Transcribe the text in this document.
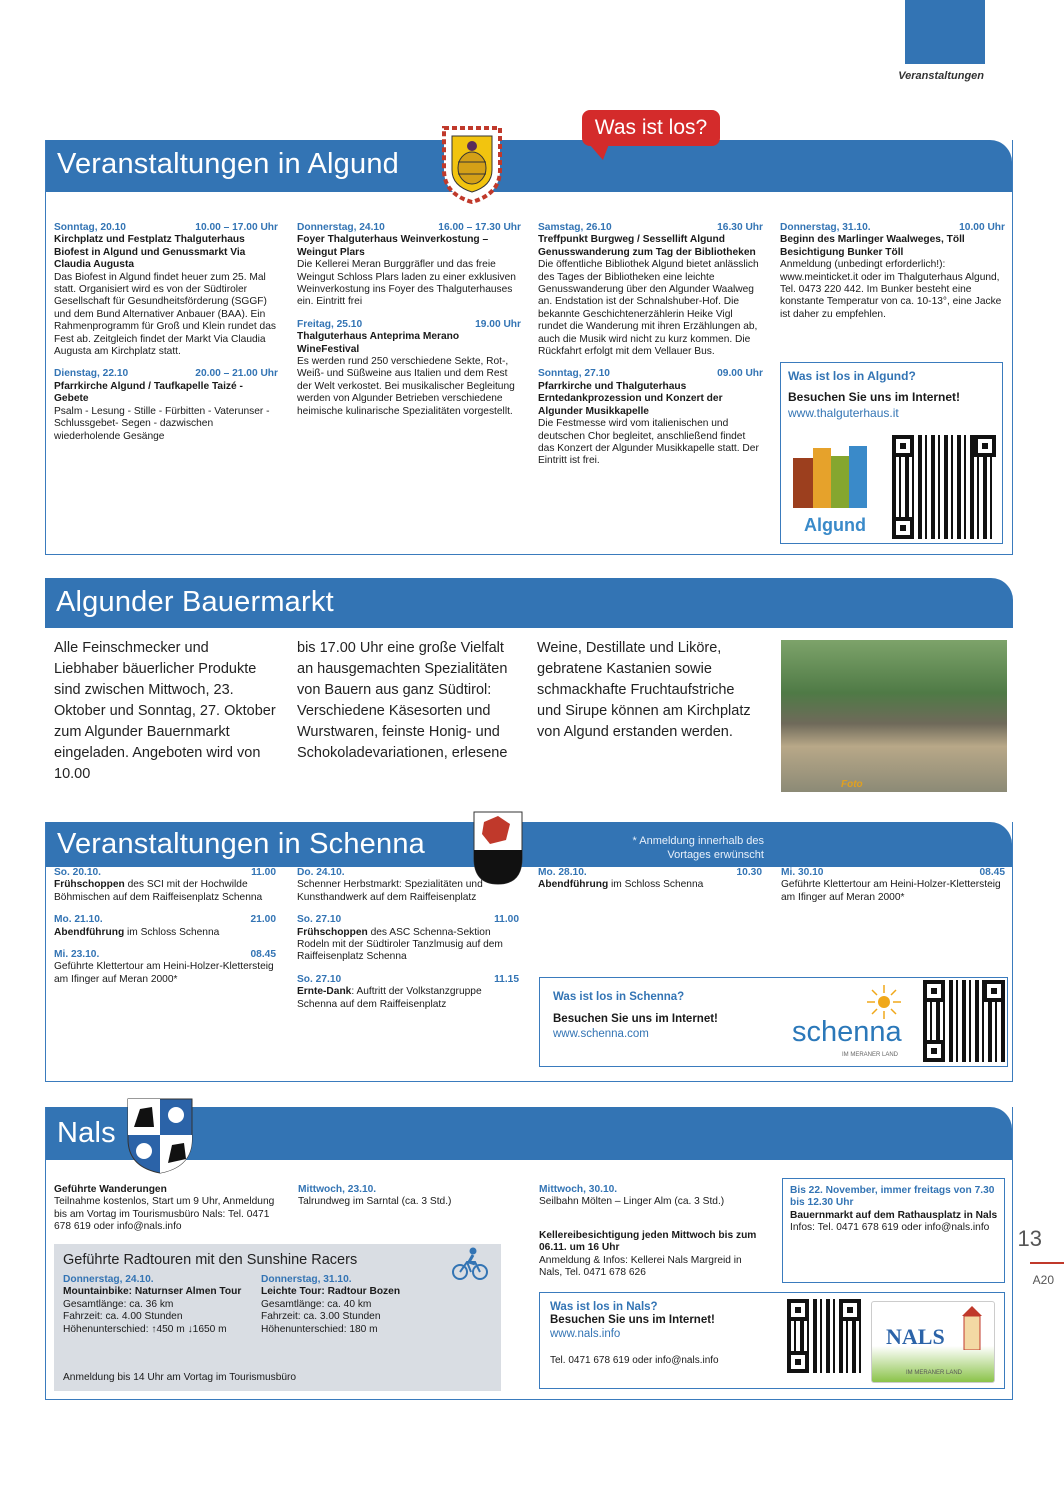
Veranstaltungen
13
A20
Veranstaltungen in Algund
Sonntag, 20.10	10.00 – 17.00 Uhr
Kirchplatz und Festplatz Thalguterhaus Biofest in Algund und Genussmarkt Via Claudia Augusta
Das Biofest in Algund findet heuer zum 25. Mal statt. Organisiert wird es von der Südtiroler Gesellschaft für Gesundheitsförderung (SGGF) und dem Bund Alternativer Anbauer (BAA). Ein Rahmenprogramm für Groß und Klein rundet das Fest ab. Zeitgleich findet der Markt Via Claudia Augusta am Kirchplatz statt.
Dienstag, 22.10	20.00 – 21.00 Uhr
Pfarrkirche Algund / Taufkapelle Taizé - Gebete
Psalm - Lesung - Stille - Fürbitten - Vaterunser - Schlussgebet- Segen - dazwischen wiederholende Gesänge
Donnerstag, 24.10	16.00 – 17.30 Uhr
Foyer Thalguterhaus Weinverkostung – Weingut Plars
Die Kellerei Meran Burggräfler und das freie Weingut Schloss Plars laden zu einer exklusiven Weinverkostung ins Foyer des Thalguterhauses ein. Eintritt frei
Freitag, 25.10	19.00 Uhr
Thalguterhaus Anteprima Merano WineFestival
Es werden rund 250 verschiedene Sekte, Rot-, Weiß- und Süßweine aus Italien und dem Rest der Welt verkostet. Bei musikalischer Begleitung werden von Algunder Betrieben verschiedene heimische kulinarische Spezialitäten vorgestellt.
Samstag, 26.10	16.30 Uhr
Treffpunkt Burgweg / Sessellift Algund Genusswanderung zum Tag der Bibliotheken
Die öffentliche Bibliothek Algund bietet anlässlich des Tages der Bibliotheken eine leichte Genusswanderung über den Algunder Waalweg an. Endstation ist der Schnalshuber-Hof. Die bekannte Geschichtenerzählerin Heike Vigl rundet die Wanderung mit ihren Erzählungen ab, auch die Musik wird nicht zu kurz kommen. Die Rückfahrt erfolgt mit dem Vellauer Bus.
Sonntag, 27.10	09.00 Uhr
Pfarrkirche und Thalguterhaus Erntedankprozession und Konzert der Algunder Musikkapelle
Die Festmesse wird vom italienischen und deutschen Chor begleitet, anschließend findet das Konzert der Algunder Musikkapelle statt. Der Eintritt ist frei.
Donnerstag, 31.10.	10.00 Uhr
Beginn des Marlinger Waalweges, Töll Besichtigung Bunker Töll
Anmeldung (unbedingt erforderlich!): www.meinticket.it oder im Thalguterhaus Algund, Tel. 0473 220 442. Im Bunker besteht eine konstante Temperatur von ca. 10-13°, eine Jacke ist daher zu empfehlen.
Was ist los in Algund?
Besuchen Sie uns im Internet!
www.thalguterhaus.it
Algund
Was ist los?
Algunder Bauermarkt
Alle Feinschmecker und Liebhaber bäuerlicher Produkte sind zwischen Mittwoch, 23. Oktober und Sonntag, 27. Oktober zum Algunder Bauernmarkt eingeladen. Angeboten wird von 10.00
bis 17.00 Uhr eine große Vielfalt an hausgemachten Spezialitäten von Bauern aus ganz Südtirol: Verschiedene Käsesorten und Wurstwaren, feinste Honig- und Schokoladevariationen, erlesene
Weine, Destillate und Liköre, gebratene Kastanien sowie schmackhafte Fruchtaufstriche und Sirupe können am Kirchplatz von Algund erstanden werden.
Foto
Veranstaltungen in Schenna	* Anmeldung innerhalb des Vortages erwünscht
So. 20.10.	11.00
Frühschoppen des SCI mit der Hochwilde Böhmischen auf dem Raiffeisenplatz Schenna
Mo. 21.10.	21.00
Abendführung im Schloss Schenna
Mi. 23.10.	08.45
Geführte Klettertour am Heini-Holzer-Klettersteig am Ifinger auf Meran 2000*
Do. 24.10.
Schenner Herbstmarkt: Spezialitäten und Kunsthandwerk auf dem Raiffeisenplatz
So. 27.10	11.00
Frühschoppen des ASC Schenna-Sektion Rodeln mit der Südtiroler Tanzlmusig auf dem Raiffeisenplatz Schenna
So. 27.10	11.15
Ernte-Dank: Auftritt der Volkstanzgruppe Schenna auf dem Raiffeisenplatz
Mo. 28.10.	10.30
Abendführung im Schloss Schenna
Mi. 30.10	08.45
Geführte Klettertour am Heini-Holzer-Klettersteig am Ifinger auf Meran 2000*
Was ist los in Schenna?
Besuchen Sie uns im Internet!
www.schenna.com	schenna
IM MERANER LAND
Nals
Geführte Wanderungen
Teilnahme kostenlos, Start um 9 Uhr, Anmeldung bis am Vortag im Tourismusbüro Nals: Tel. 0471 678 619 oder info@nals.info
Mittwoch, 23.10.
Talrundweg im Sarntal (ca. 3 Std.)
Geführte Radtouren mit den Sunshine Racers
Donnerstag, 24.10.
Mountainbike: Naturnser Almen Tour
Gesamtlänge: ca. 36 km
Fahrzeit: ca. 4.00 Stunden
Höhenunterschied: ↑450 m ↓1650 m
Donnerstag, 31.10.
Leichte Tour: Radtour Bozen
Gesamtlänge: ca. 40 km
Fahrzeit: ca. 3.00 Stunden
Höhenunterschied: 180 m
Anmeldung bis 14 Uhr am Vortag im Tourismusbüro
Mittwoch, 30.10.
Seilbahn Mölten – Linger Alm (ca. 3 Std.)
Kellereibesichtigung jeden Mittwoch bis zum 06.11. um 16 Uhr
Anmeldung & Infos: Kellerei Nals Margreid in Nals, Tel. 0471 678 626
Bis 22. November, immer freitags von 7.30 bis 12.30 Uhr
Bauernmarkt auf dem Rathausplatz in Nals
Infos: Tel. 0471 678 619 oder info@nals.info
Was ist los in Nals?
Besuchen Sie uns im Internet!
www.nals.info
Tel. 0471 678 619 oder info@nals.info
NALS
IM MERANER LAND
